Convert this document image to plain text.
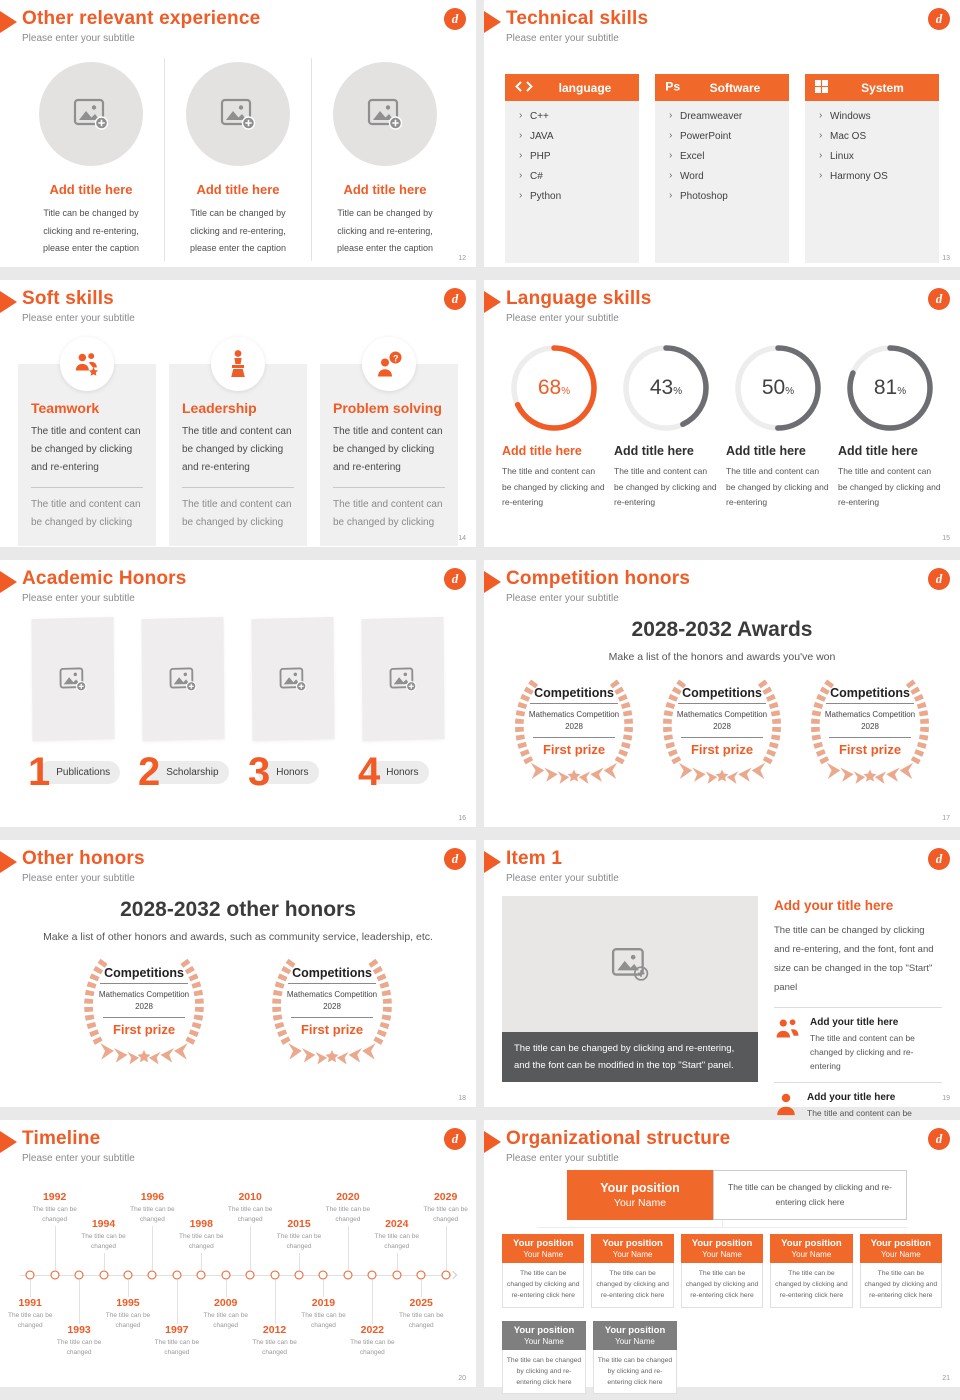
Other relevant experience
Please enter your subtitle
d
Add title here
Title can be changed by clicking and re-entering, please enter the caption
Add title here
Title can be changed by clicking and re-entering, please enter the caption
Add title here
Title can be changed by clicking and re-entering, please enter the caption
12
Technical skills
Please enter your subtitle
d
language
› C++
› JAVA
› PHP
› C#
› Python
Ps	Software
› Dreamweaver
› PowerPoint
› Excel
› Word
› Photoshop
System
› Windows
› Mac OS
› Linux
› Harmony OS
13
Soft skills
Please enter your subtitle
d
Teamwork
The title and content can be changed by clicking and re-entering
The title and content can be changed by clicking
Leadership
The title and content can be changed by clicking and re-entering
The title and content can be changed by clicking
?
Problem solving
The title and content can be changed by clicking and re-entering
The title and content can be changed by clicking
14
Language skills
Please enter your subtitle
d
68 %
Add title here
The title and content can be changed by clicking and re-entering
43 %
Add title here
The title and content can be changed by clicking and re-entering
50 %
Add title here
The title and content can be changed by clicking and re-entering
81 %
Add title here
The title and content can be changed by clicking and re-entering
15
Academic Honors
Please enter your subtitle
d
1 Publications 2 Scholarship 3 Honors 4 Honors
16
Competition honors
Please enter your subtitle
d
2028-2032 Awards
Make a list of the honors and awards you've won
Competitions
Mathematics Competition
2028
First prize
Competitions
Mathematics Competition
2028
First prize
Competitions
Mathematics Competition
2028
First prize
17
Other honors
Please enter your subtitle
d
2028-2032 other honors
Make a list of other honors and awards, such as community service, leadership, etc.
Competitions
Mathematics Competition
2028
First prize
Competitions
Mathematics Competition
2028
First prize
18
Item 1
Please enter your subtitle
d
The title can be changed by clicking and re-entering, and the font can be modified in the top "Start" panel.
Add your title here
The title can be changed by clicking and re-entering, and the font, font and size can be changed in the top "Start" panel
Add your title here
The title and content can be changed by clicking and re-entering
Add your title here
The title and content can be
19
Timeline
Please enter your subtitle
d
1991
The title can be changed
1992
The title can be changed
1993
The title can be changed
1994
The title can be changed
1995
The title can be changed
1996
The title can be changed
1997
The title can be changed
1998
The title can be changed
2009
The title can be changed
2010
The title can be changed
2012
The title can be changed
2015
The title can be changed
2019
The title can be changed
2020
The title can be changed
2022
The title can be changed
2024
The title can be changed
2025
The title can be changed
2029
The title can be changed
20
Organizational structure
Please enter your subtitle
d
Your position
Your Name
The title can be changed by clicking and re-entering click here
Your position
Your Name
The title can be changed by clicking and re-entering click here
Your position
Your Name
The title can be changed by clicking and re-entering click here
Your position
Your Name
The title can be changed by clicking and re-entering click here
Your position
Your Name
The title can be changed by clicking and re-entering click here
Your position
Your Name
The title can be changed by clicking and re-entering click here
Your position
Your Name
The title can be changed by clicking and re-entering click here
Your position
Your Name
The title can be changed by clicking and re-entering click here
21
